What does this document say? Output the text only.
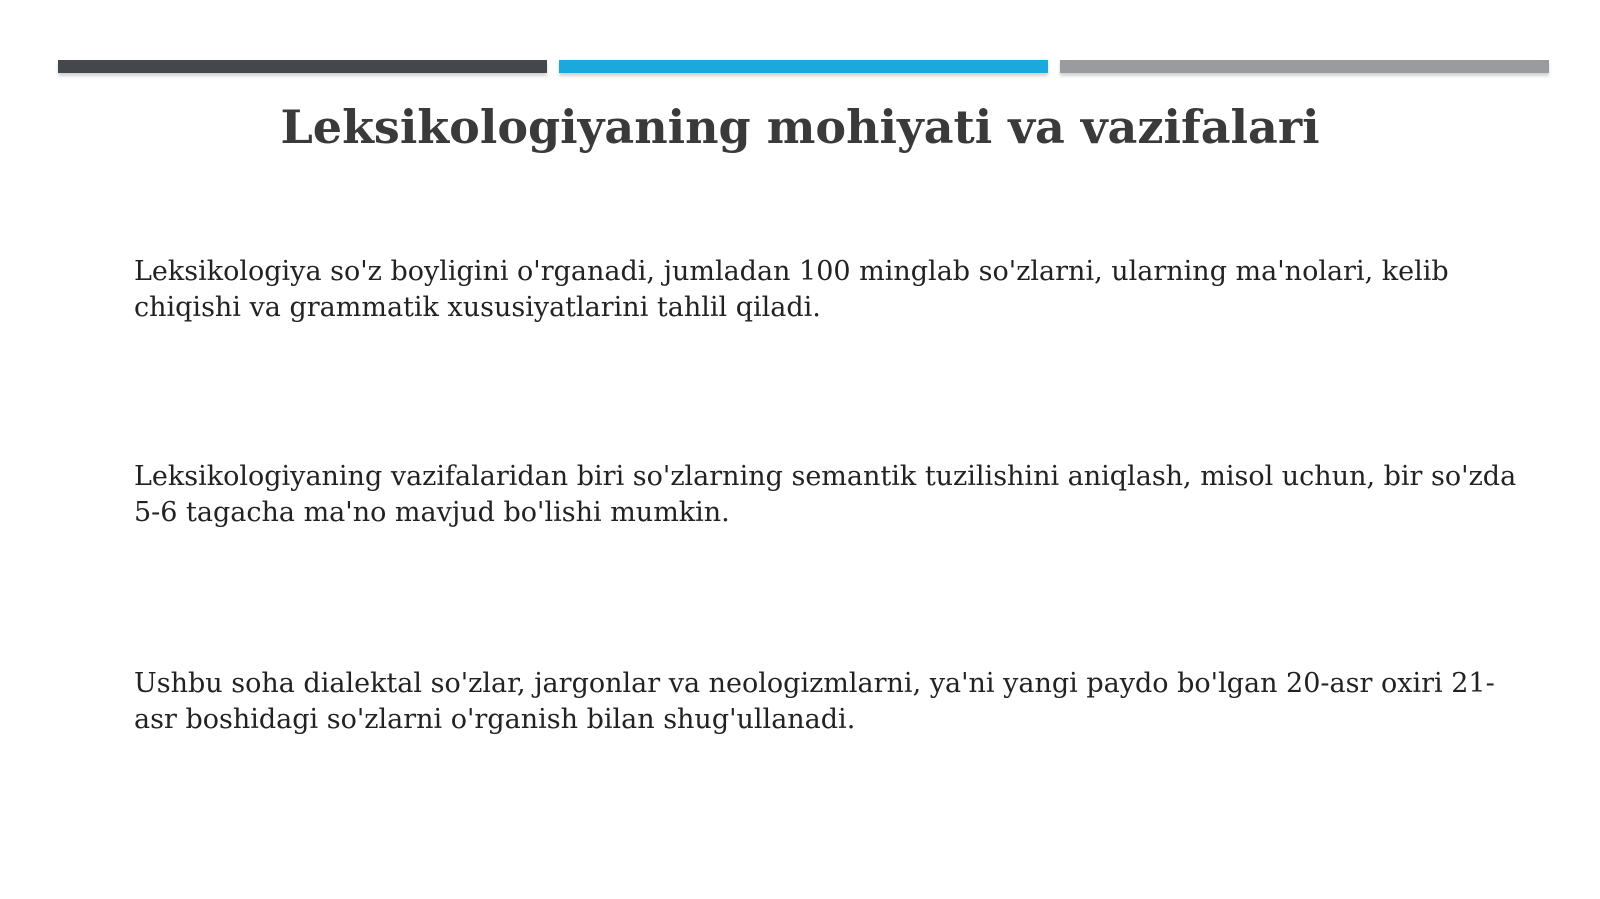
Leksikologiyaning mohiyati va vazifalari

Leksikologiya so'z boyligini o'rganadi, jumladan 100 minglab so'zlarni, ularning ma'nolari, kelib chiqishi va grammatik xususiyatlarini tahlil qiladi.

Leksikologiyaning vazifalaridan biri so'zlarning semantik tuzilishini aniqlash, misol uchun, bir so'zda 5-6 tagacha ma'no mavjud bo'lishi mumkin.

Ushbu soha dialektal so'zlar, jargonlar va neologizmlarni, ya'ni yangi paydo bo'lgan 20-asr oxiri 21-asr boshidagi so'zlarni o'rganish bilan shug'ullanadi.
